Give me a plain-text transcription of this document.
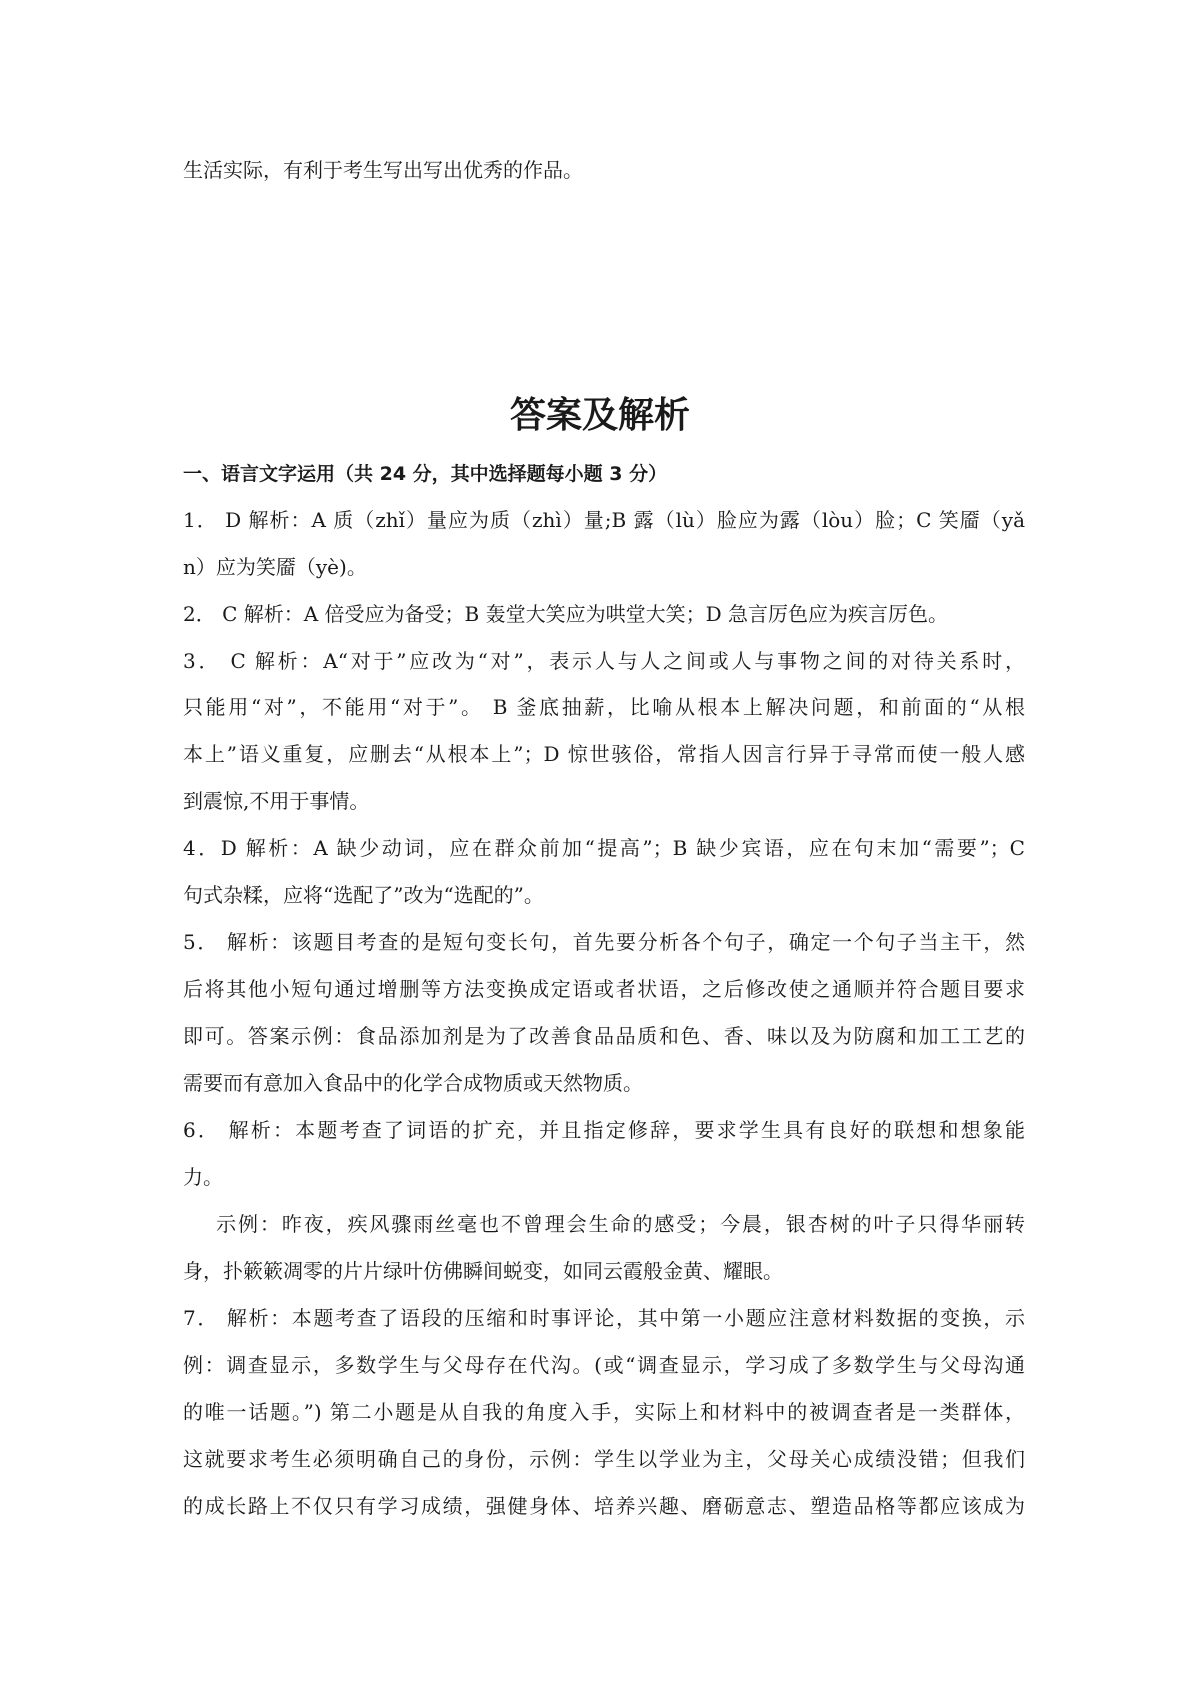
生活实际，有利于考生写出写出优秀的作品。
答案及解析
一、语言文字运用（共 24 分，其中选择题每小题 3 分）
1． D 解析：A 质（zhǐ）量应为质（zhì）量;B 露（lù）脸应为露（lòu）脸；C 笑靥（yǎ
n）应为笑靥（yè)。
2． C 解析：A 倍受应为备受；B 轰堂大笑应为哄堂大笑；D 急言厉色应为疾言厉色。
3． C 解析：A“对于”应改为“对”，表示人与人之间或人与事物之间的对待关系时，
只能用“对”，不能用“对于”。 B 釜底抽薪，比喻从根本上解决问题，和前面的“从根
本上”语义重复，应删去“从根本上”；D 惊世骇俗，常指人因言行异于寻常而使一般人感
到震惊,不用于事情。
4．D 解析：A 缺少动词，应在群众前加“提高”；B 缺少宾语，应在句末加“需要”；C
句式杂糅，应将“选配了”改为“选配的”。
5． 解析：该题目考查的是短句变长句，首先要分析各个句子，确定一个句子当主干，然
后将其他小短句通过增删等方法变换成定语或者状语，之后修改使之通顺并符合题目要求
即可。答案示例：食品添加剂是为了改善食品品质和色、香、味以及为防腐和加工工艺的
需要而有意加入食品中的化学合成物质或天然物质。
6． 解析：本题考查了词语的扩充，并且指定修辞，要求学生具有良好的联想和想象能
力。
示例：昨夜，疾风骤雨丝毫也不曾理会生命的感受；今晨，银杏树的叶子只得华丽转
身，扑簌簌凋零的片片绿叶仿佛瞬间蜕变，如同云霞般金黄、耀眼。
7． 解析：本题考查了语段的压缩和时事评论，其中第一小题应注意材料数据的变换，示
例：调查显示，多数学生与父母存在代沟。(或“调查显示，学习成了多数学生与父母沟通
的唯一话题。”) 第二小题是从自我的角度入手，实际上和材料中的被调查者是一类群体，
这就要求考生必须明确自己的身份，示例：学生以学业为主，父母关心成绩没错；但我们
的成长路上不仅只有学习成绩，强健身体、培养兴趣、磨砺意志、塑造品格等都应该成为
